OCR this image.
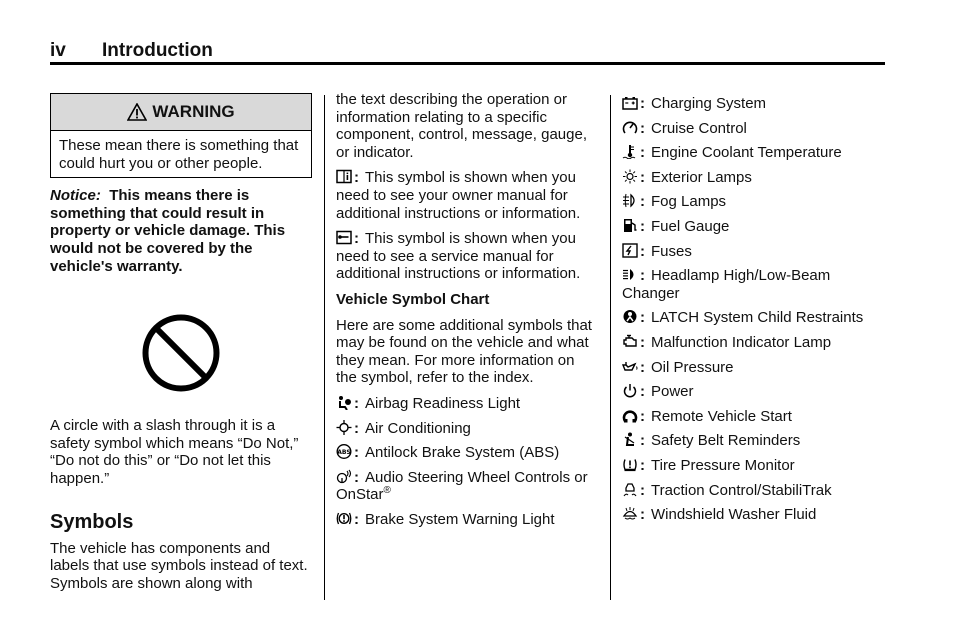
iv Introduction
WARNING
These mean there is something that could hurt you or other people.
Notice: This means there is something that could result in property or vehicle damage. This would not be covered by the vehicle's warranty.
A circle with a slash through it is a safety symbol which means “Do Not,” “Do not do this” or “Do not let this happen.”
Symbols
The vehicle has components and labels that use symbols instead of text. Symbols are shown along with
the text describing the operation or information relating to a specific component, control, message, gauge, or indicator.
: This symbol is shown when you need to see your owner manual for additional instructions or information.
: This symbol is shown when you need to see a service manual for additional instructions or information.
Vehicle Symbol Chart
Here are some additional symbols that may be found on the vehicle and what they mean. For more information on the symbol, refer to the index.
: Airbag Readiness Light
: Air Conditioning
ABS : Antilock Brake System (ABS)
: Audio Steering Wheel Controls or OnStar®
: Brake System Warning Light
: Charging System
: Cruise Control
: Engine Coolant Temperature
: Exterior Lamps
: Fog Lamps
: Fuel Gauge
: Fuses
: Headlamp High/Low-Beam Changer
: LATCH System Child Restraints
: Malfunction Indicator Lamp
: Oil Pressure
: Power
: Remote Vehicle Start
: Safety Belt Reminders
: Tire Pressure Monitor
: Traction Control/StabiliTrak
: Windshield Washer Fluid
